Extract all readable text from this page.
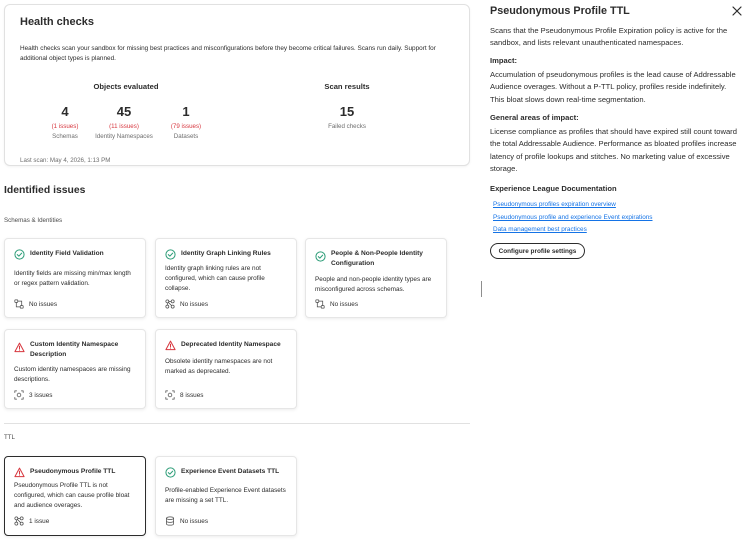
Health checks
Health checks scan your sandbox for missing best practices and misconfigurations before they become critical failures. Scans run daily. Support for additional object types is planned.
Objects evaluated	Scan results
4
(1 issues)
Schemas
45
(11 issues)
Identity Namespaces
1
(79 issues)
Datasets
15
Failed checks
Last scan: May 4, 2026, 1:13 PM
Identified issues
Schemas & Identities
Identity Field Validation
Identity fields are missing min/max length or regex pattern validation.
No issues
Identity Graph Linking Rules
Identity graph linking rules are not configured, which can cause profile collapse.
No issues
People & Non-People Identity Configuration
People and non-people identity types are misconfigured across schemas.
No issues
Custom Identity Namespace Description
Custom identity namespaces are missing descriptions.
3 issues
Deprecated Identity Namespace
Obsolete identity namespaces are not marked as deprecated.
8 issues
TTL
Pseudonymous Profile TTL
Pseudonymous Profile TTL is not configured, which can cause profile bloat and audience overages.
1 issue
Experience Event Datasets TTL
Profile-enabled Experience Event datasets are missing a set TTL.
No issues
Pseudonymous Profile TTL
Scans that the Pseudonymous Profile Expiration policy is active for the sandbox, and lists relevant unauthenticated namespaces.
Impact:
Accumulation of pseudonymous profiles is the lead cause of Addressable Audience overages. Without a P-TTL policy, profiles reside indefinitely. This bloat slows down real-time segmentation.
General areas of impact:
License compliance as profiles that should have expired still count toward the total Addressable Audience. Performance as bloated profiles increase latency of profile lookups and stitches. No marketing value of excessive storage.
Experience League Documentation
Pseudonymous profiles expiration overview
Pseudonymous profile and experience Event expirations
Data management best practices
Configure profile settings
